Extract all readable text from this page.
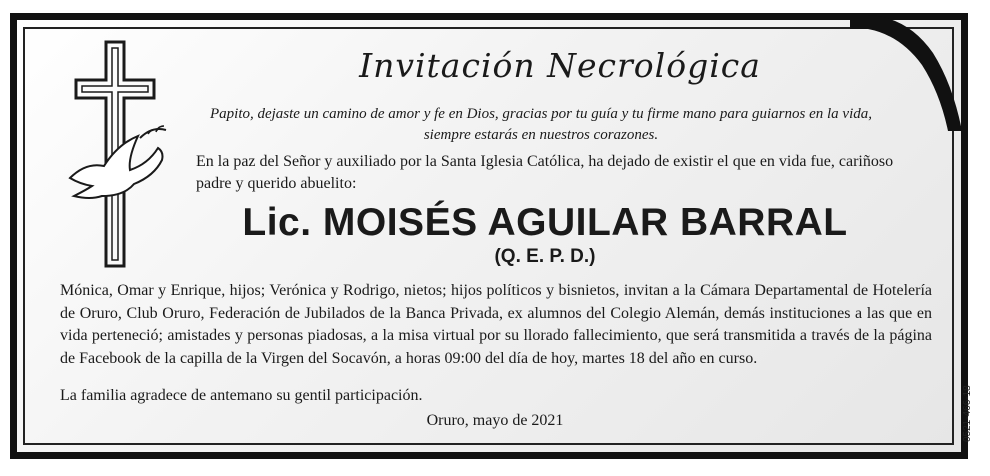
Invitación Necrológica
Papito, dejaste un camino de amor y fe en Dios, gracias por tu guía y tu firme mano para guiarnos en la vida, siempre estarás en nuestros corazones.
En la paz del Señor y auxiliado por la Santa Iglesia Católica, ha dejado de existir el que en vida fue, cariñoso padre y querido abuelito:
Lic. MOISÉS AGUILAR BARRAL
(Q. E. P. D.)
Mónica, Omar y Enrique, hijos; Verónica y Rodrigo, nietos; hijos políticos y bisnietos, invitan a la Cámara Departamental de Hotelería de Oruro, Club Oruro, Federación de Jubilados de la Banca Privada, ex alumnos del Colegio Alemán, demás instituciones a las que en vida perteneció; amistades y personas piadosas, a la misa virtual por su llorado fallecimiento, que será transmitida a través de la página de Facebook de la capilla de la Virgen del Socavón, a horas 09:00 del día de hoy, martes 18 del año en curso.
La familia agradece de antemano su gentil participación.
Oruro, mayo de 2021	0521-466-18
